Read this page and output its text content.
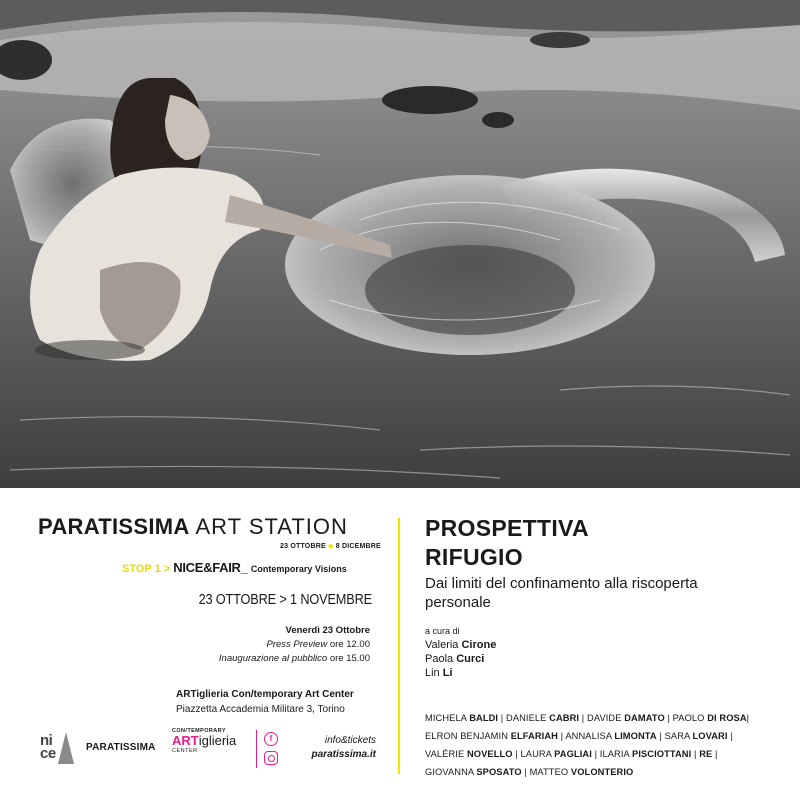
PARATISSIMA ART STATION
23 OTTOBRE ◆ 8 DICEMBRE
STOP 1 > NICE&FAIR_ Contemporary Visions
23 OTTOBRE > 1 NOVEMBRE
Venerdì 23 Ottobre
Press Preview ore 12.00
Inaugurazione al pubblico ore 15.00
ARTiglieria Con/temporary Art Center
Piazzetta Accademia Militare 3, Torino
ni ce	PARATISSIMA
CON/TEMPORARY
ARTiglieria
CENTER
f	info&tickets
paratissima.it
PROSPETTIVA
RIFUGIO
Dai limiti del confinamento alla riscoperta personale
a cura di
Valeria Cirone
Paola Curci
Lin Li
MICHELA BALDI | DANIELE CABRI | DAVIDE DAMATO | PAOLO DI ROSA|
ELRON BENJAMIN ELFARIAH | ANNALISA LIMONTA | SARA LOVARI |
VALÉRIE NOVELLO | LAURA PAGLIAI | ILARIA PISCIOTTANI | RE |
GIOVANNA SPOSATO | MATTEO VOLONTERIO
